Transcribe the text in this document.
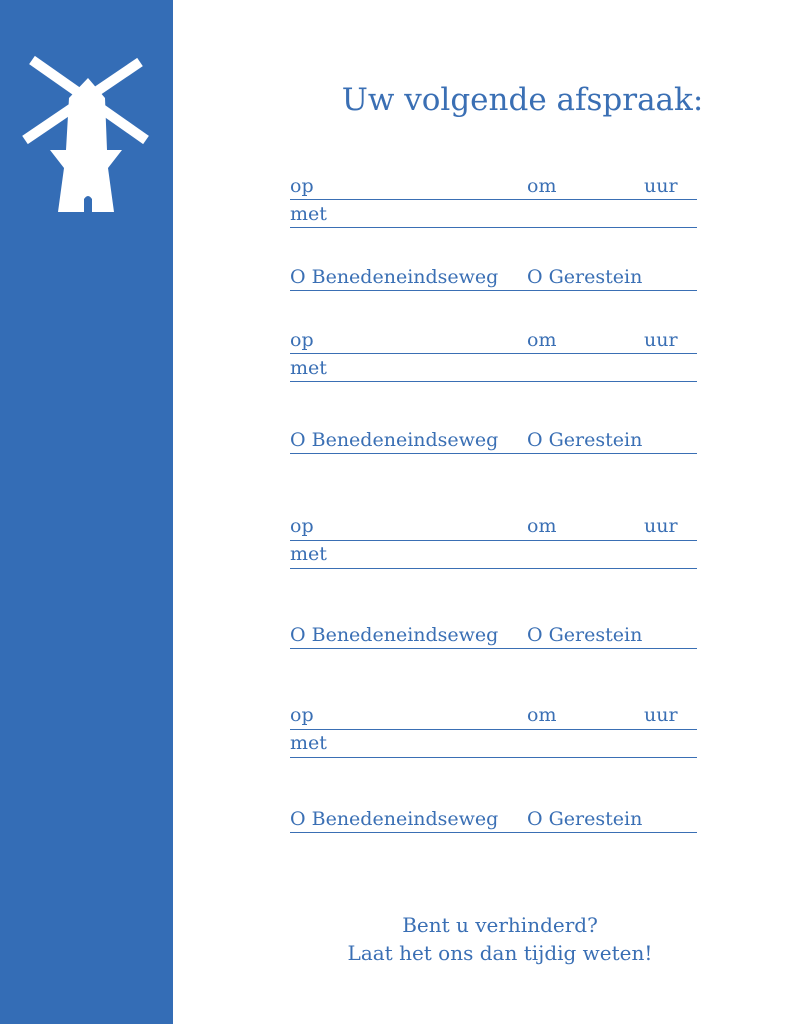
Uw volgende afspraak:
op	om	uur
met
O Benedeneindseweg O Gerestein
op	om	uur
met
O Benedeneindseweg O Gerestein
op	om	uur
met
O Benedeneindseweg O Gerestein
op	om	uur
met
O Benedeneindseweg O Gerestein
Bent u verhinderd?
Laat het ons dan tijdig weten!
